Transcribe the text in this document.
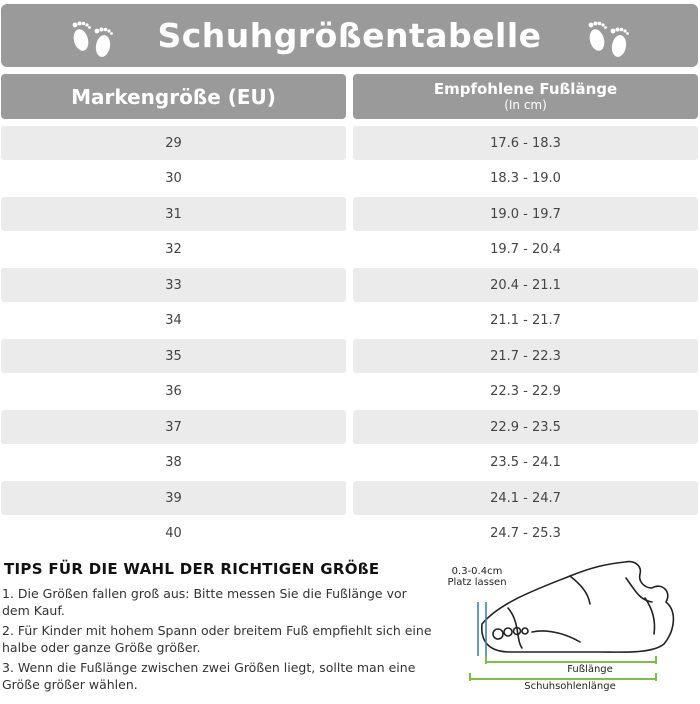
Schuhgrößentabelle
Markengröße (EU)	Empfohlene Fußlänge
(In cm)
29	17.6 - 18.3
30	18.3 - 19.0
31	19.0 - 19.7
32	19.7 - 20.4
33	20.4 - 21.1
34	21.1 - 21.7
35	21.7 - 22.3
36	22.3 - 22.9
37	22.9 - 23.5
38	23.5 - 24.1
39	24.1 - 24.7
40	24.7 - 25.3
TIPS FÜR DIE WAHL DER RICHTIGEN GRÖßE
1. Die Größen fallen groß aus: Bitte messen Sie die Fußlänge vor dem Kauf.
2. Für Kinder mit hohem Spann oder breitem Fuß empfiehlt sich eine halbe oder ganze Größe größer.
3. Wenn die Fußlänge zwischen zwei Größen liegt, sollte man eine Größe größer wählen.
0.3-0.4cm
Platz lassen
Fußlänge
Schuhsohlenlänge
